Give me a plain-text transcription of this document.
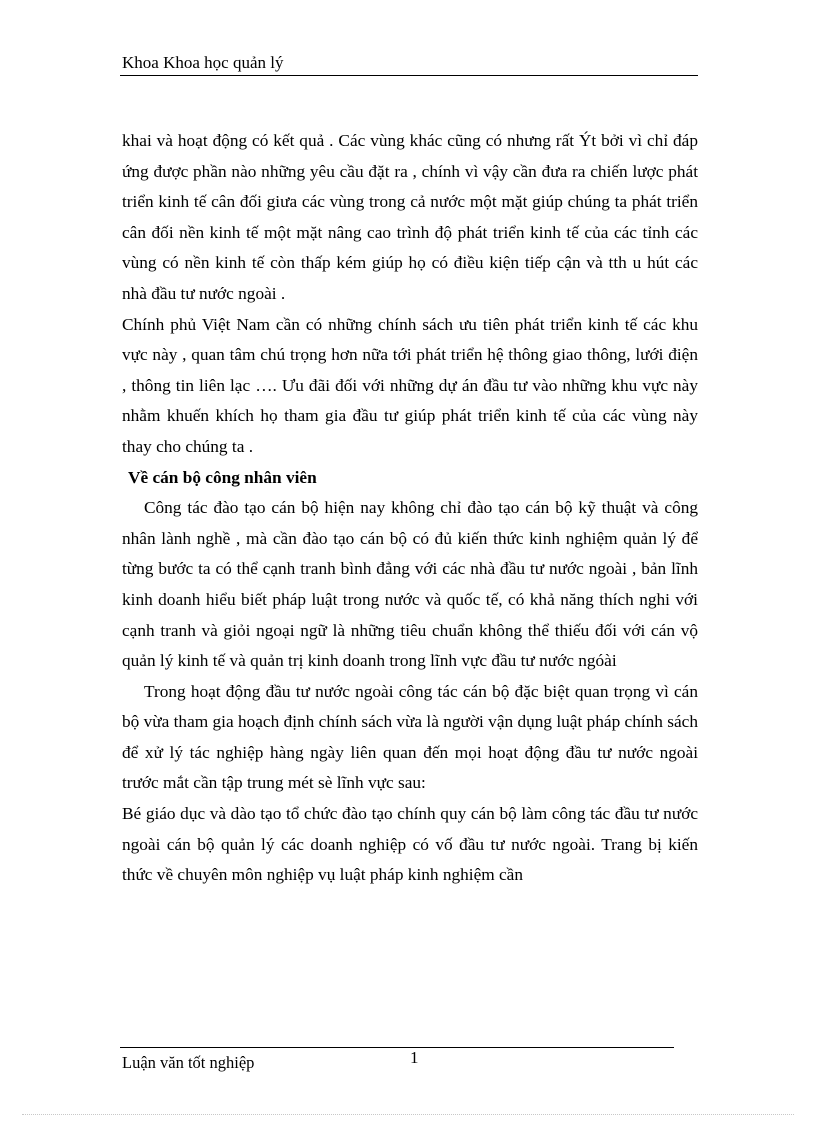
Khoa Khoa học quản lý

khai và hoạt động có kết quả . Các vùng khác cũng có nhưng rất Ýt bởi vì chỉ đáp ứng được phần nào những yêu cầu đặt ra , chính vì vậy cần đưa ra chiến lược phát triển kinh tế cân đối giưa các vùng trong cả nước một mặt giúp chúng ta phát triển cân đối nền kinh tế một mặt nâng cao trình độ phát triển kinh tế của các tỉnh các vùng có nền kinh tế còn thấp kém giúp họ có điều kiện tiếp cận và tth u hút các nhà đầu tư nước ngoài .

Chính phủ Việt Nam cần có những chính sách ưu tiên phát triển kinh tế các khu vực này , quan tâm chú trọng hơn nữa tới phát triển hệ thông giao thông, lưới điện , thông tin liên lạc …. Ưu đãi đối với những dự án đầu tư vào những khu vực này nhằm khuến khích họ tham gia đầu tư giúp phát triển kinh tế của các vùng này thay cho chúng ta .

Về cán bộ công nhân viên

Công tác đào tạo cán bộ hiện nay không chỉ đào tạo cán bộ kỹ thuật và công nhân lành nghề , mà cần đào tạo cán bộ có đủ kiến thức kinh nghiệm quản lý để từng bước ta có thể cạnh tranh bình đẳng với các nhà đầu tư nước ngoài , bản lĩnh kinh doanh hiểu biết pháp luật trong nước và quốc tế, có khả năng thích nghi với cạnh tranh và giỏi ngoại ngữ là những tiêu chuẩn không thể thiếu đối với cán vộ quản lý kinh tế và quản trị kinh doanh trong lĩnh vực đầu tư nước ngóài

Trong hoạt động đầu tư nước ngoài công tác cán bộ đặc biệt quan trọng vì cán bộ vừa tham gia hoạch định chính sách vừa là người vận dụng luật pháp chính sách để xử lý tác nghiệp hàng ngày liên quan đến mọi hoạt động đầu tư nước ngoài trước mắt cần tập trung mét sè lĩnh vực sau:

Bé giáo dục và dào tạo tổ chức đào tạo chính quy cán bộ làm công tác đầu tư nước ngoài cán bộ quản lý các doanh nghiệp có vố đầu tư nước ngoài. Trang bị kiến thức về chuyên môn nghiệp vụ luật pháp kinh nghiệm cần

Luận văn tốt nghiệp	1
